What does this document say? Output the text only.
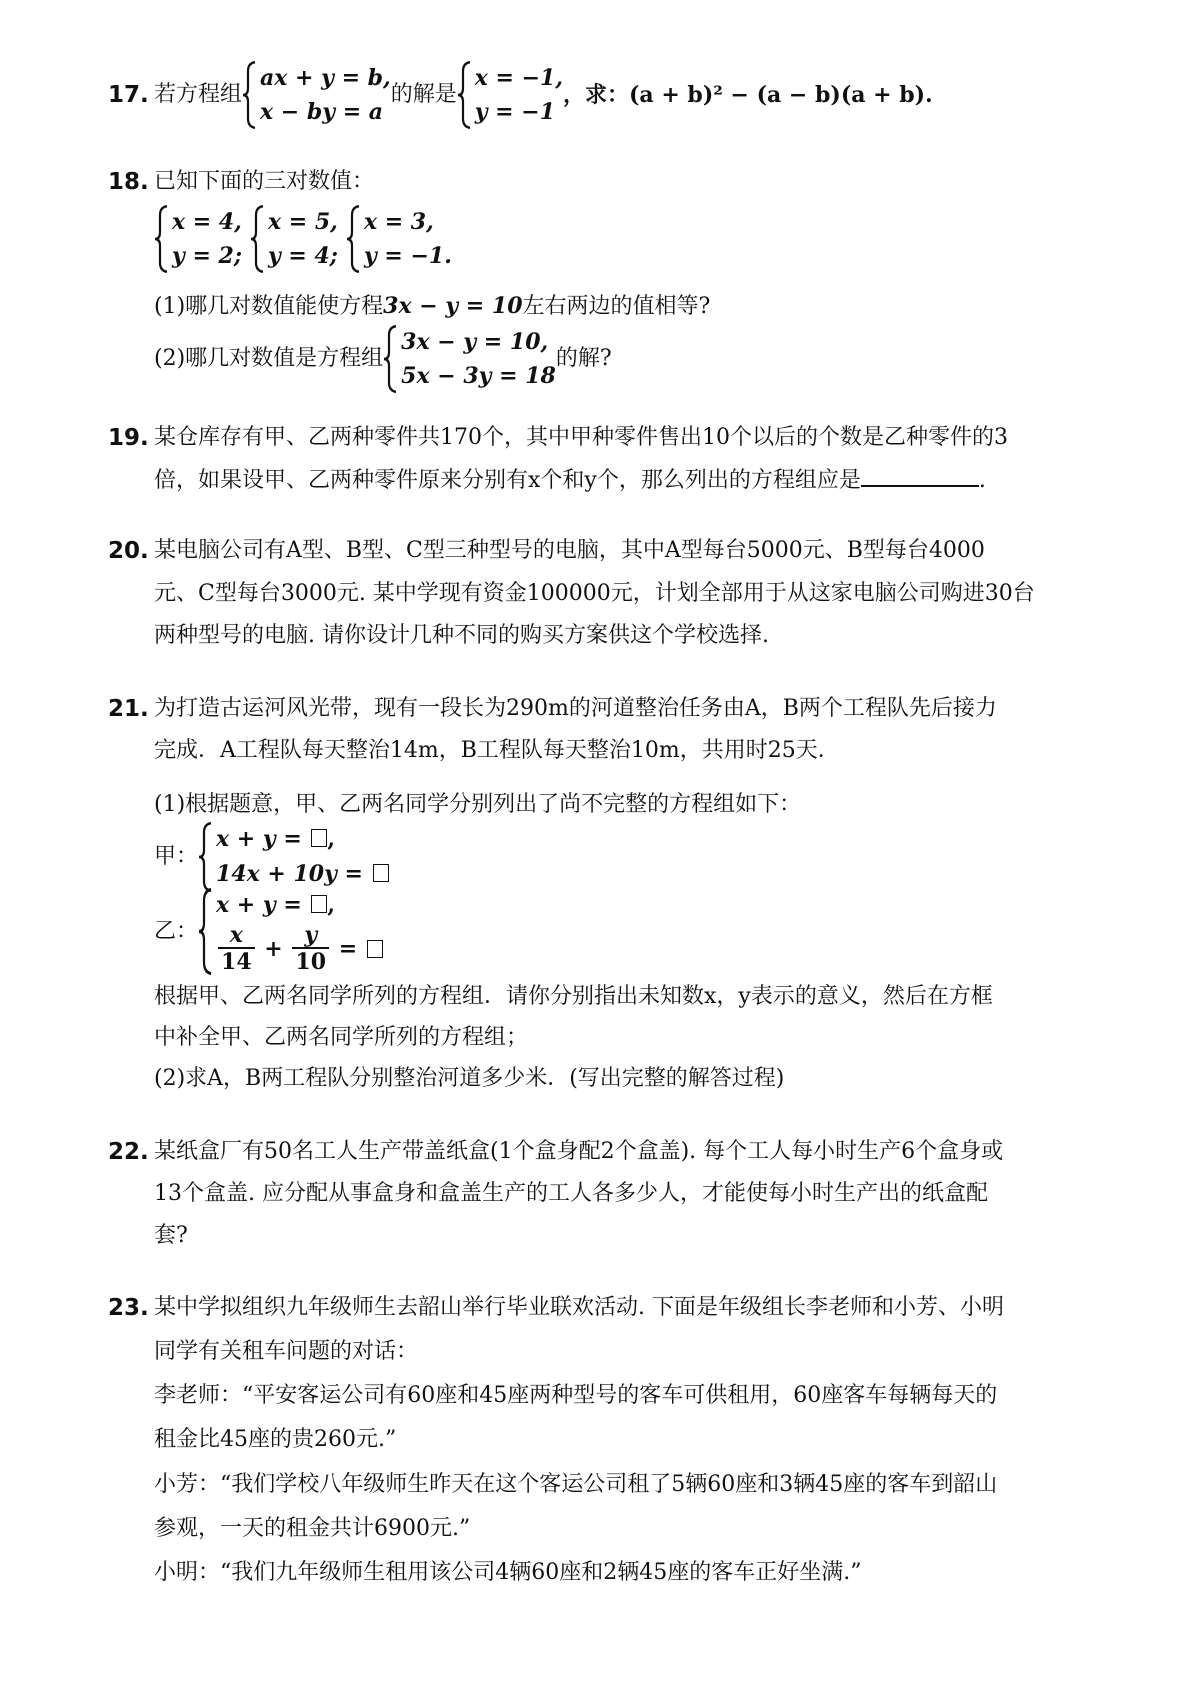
17. 若方程组
ax + y = b,
x − by = a
的解是
x = −1,
y = −1
，求：(a + b)² − (a − b)(a + b).
18. 已知下面的三对数值：
x = 4,
y = 2;
x = 5,
y = 4;
x = 3,
y = −1.
(1)哪几对数值能使方程3x − y = 10左右两边的值相等?
(2)哪几对数值是方程组
3x − y = 10,
5x − 3y = 18
的解?
19. 某仓库存有甲、乙两种零件共170个，其中甲种零件售出10个以后的个数是乙种零件的3
倍，如果设甲、乙两种零件原来分别有x个和y个，那么列出的方程组应是	.
20. 某电脑公司有A型、B型、C型三种型号的电脑，其中A型每台5000元、B型每台4000
元、C型每台3000元. 某中学现有资金100000元，计划全部用于从这家电脑公司购进30台
两种型号的电脑. 请你设计几种不同的购买方案供这个学校选择.
21. 为打造古运河风光带，现有一段长为290m的河道整治任务由A，B两个工程队先后接力
完成．A工程队每天整治14m，B工程队每天整治10m，共用时25天．
(1)根据题意，甲、乙两名同学分别列出了尚不完整的方程组如下：
甲：
x + y = ,
14x + 10y =
乙：
x + y = ,
$\frac{x}{14} + \frac{y}{10}$ =
根据甲、乙两名同学所列的方程组．请你分别指出未知数x，y表示的意义，然后在方框
中补全甲、乙两名同学所列的方程组；
(2)求A，B两工程队分别整治河道多少米．(写出完整的解答过程)
22. 某纸盒厂有50名工人生产带盖纸盒(1个盒身配2个盒盖). 每个工人每小时生产6个盒身或
13个盒盖. 应分配从事盒身和盒盖生产的工人各多少人，才能使每小时生产出的纸盒配
套?
23. 某中学拟组织九年级师生去韶山举行毕业联欢活动. 下面是年级组长李老师和小芳、小明
同学有关租车问题的对话：
李老师：“平安客运公司有60座和45座两种型号的客车可供租用，60座客车每辆每天的
租金比45座的贵260元.”
小芳：“我们学校八年级师生昨天在这个客运公司租了5辆60座和3辆45座的客车到韶山
参观，一天的租金共计6900元.”
小明：“我们九年级师生租用该公司4辆60座和2辆45座的客车正好坐满.”
